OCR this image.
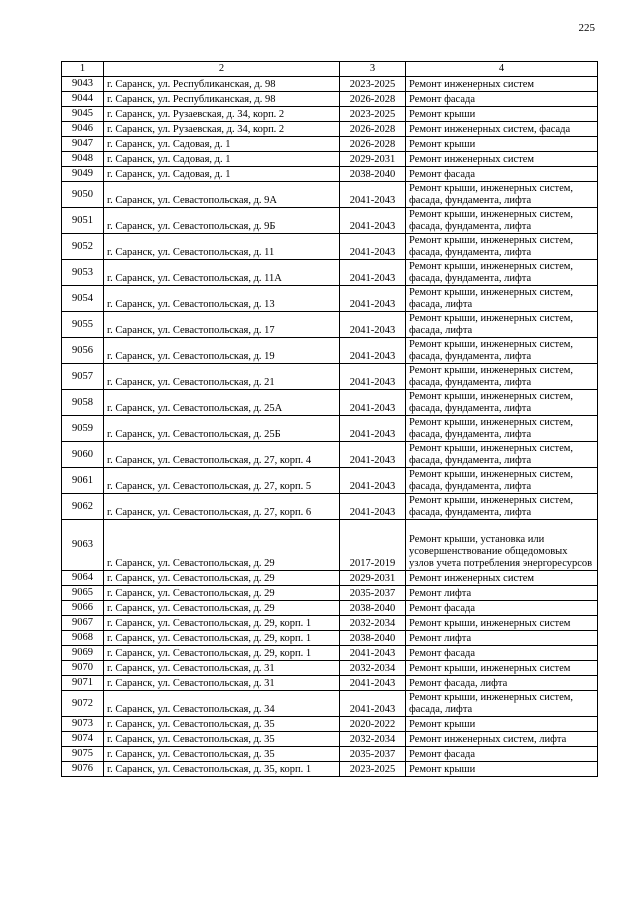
225
1	2	3	4
9043	г. Саранск, ул. Республиканская, д. 98	2023-2025	Ремонт инженерных систем
9044	г. Саранск, ул. Республиканская, д. 98	2026-2028	Ремонт фасада
9045	г. Саранск, ул. Рузаевская, д. 34, корп. 2	2023-2025	Ремонт крыши
9046	г. Саранск, ул. Рузаевская, д. 34, корп. 2	2026-2028	Ремонт инженерных систем, фасада
9047	г. Саранск, ул. Садовая, д. 1	2026-2028	Ремонт крыши
9048	г. Саранск, ул. Садовая, д. 1	2029-2031	Ремонт инженерных систем
9049	г. Саранск, ул. Садовая, д. 1	2038-2040	Ремонт фасада
9050	г. Саранск, ул. Севастопольская, д. 9А	2041-2043	Ремонт крыши, инженерных систем, фасада, фундамента, лифта
9051	г. Саранск, ул. Севастопольская, д. 9Б	2041-2043	Ремонт крыши, инженерных систем, фасада, фундамента, лифта
9052	г. Саранск, ул. Севастопольская, д. 11	2041-2043	Ремонт крыши, инженерных систем, фасада, фундамента, лифта
9053	г. Саранск, ул. Севастопольская, д. 11А	2041-2043	Ремонт крыши, инженерных систем, фасада, фундамента, лифта
9054	г. Саранск, ул. Севастопольская, д. 13	2041-2043	Ремонт крыши, инженерных систем, фасада, лифта
9055	г. Саранск, ул. Севастопольская, д. 17	2041-2043	Ремонт крыши, инженерных систем, фасада, лифта
9056	г. Саранск, ул. Севастопольская, д. 19	2041-2043	Ремонт крыши, инженерных систем, фасада, фундамента, лифта
9057	г. Саранск, ул. Севастопольская, д. 21	2041-2043	Ремонт крыши, инженерных систем, фасада, фундамента, лифта
9058	г. Саранск, ул. Севастопольская, д. 25А	2041-2043	Ремонт крыши, инженерных систем, фасада, фундамента, лифта
9059	г. Саранск, ул. Севастопольская, д. 25Б	2041-2043	Ремонт крыши, инженерных систем, фасада, фундамента, лифта
9060	г. Саранск, ул. Севастопольская, д. 27, корп. 4	2041-2043	Ремонт крыши, инженерных систем, фасада, фундамента, лифта
9061	г. Саранск, ул. Севастопольская, д. 27, корп. 5	2041-2043	Ремонт крыши, инженерных систем, фасада, фундамента, лифта
9062	г. Саранск, ул. Севастопольская, д. 27, корп. 6	2041-2043	Ремонт крыши, инженерных систем, фасада, фундамента, лифта
9063	г. Саранск, ул. Севастопольская, д. 29	2017-2019	Ремонт крыши, установка или усовершенствование общедомовых узлов учета потребления энергоресурсов
9064	г. Саранск, ул. Севастопольская, д. 29	2029-2031	Ремонт инженерных систем
9065	г. Саранск, ул. Севастопольская, д. 29	2035-2037	Ремонт лифта
9066	г. Саранск, ул. Севастопольская, д. 29	2038-2040	Ремонт фасада
9067	г. Саранск, ул. Севастопольская, д. 29, корп. 1	2032-2034	Ремонт крыши, инженерных систем
9068	г. Саранск, ул. Севастопольская, д. 29, корп. 1	2038-2040	Ремонт лифта
9069	г. Саранск, ул. Севастопольская, д. 29, корп. 1	2041-2043	Ремонт фасада
9070	г. Саранск, ул. Севастопольская, д. 31	2032-2034	Ремонт крыши, инженерных систем
9071	г. Саранск, ул. Севастопольская, д. 31	2041-2043	Ремонт фасада, лифта
9072	г. Саранск, ул. Севастопольская, д. 34	2041-2043	Ремонт крыши, инженерных систем, фасада, лифта
9073	г. Саранск, ул. Севастопольская, д. 35	2020-2022	Ремонт крыши
9074	г. Саранск, ул. Севастопольская, д. 35	2032-2034	Ремонт инженерных систем, лифта
9075	г. Саранск, ул. Севастопольская, д. 35	2035-2037	Ремонт фасада
9076	г. Саранск, ул. Севастопольская, д. 35, корп. 1	2023-2025	Ремонт крыши
